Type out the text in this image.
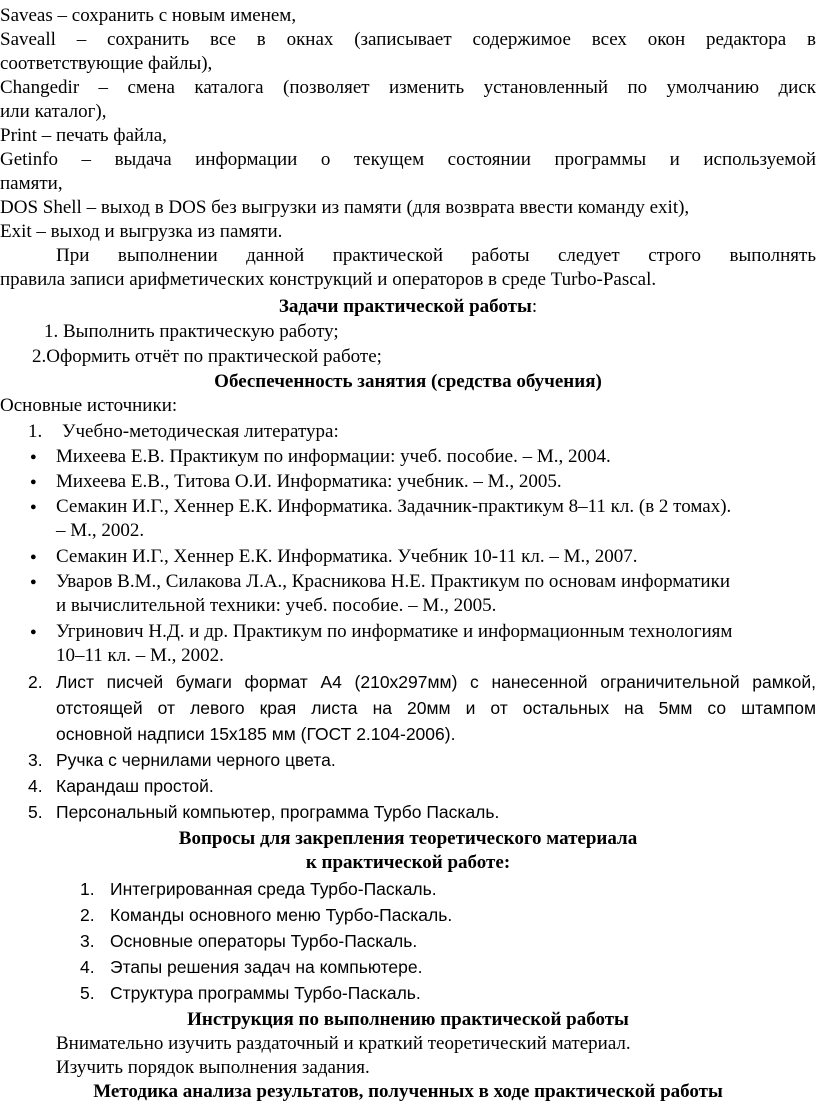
Saveas – сохранить с новым именем,
Saveall – сохранить все в окнах (записывает содержимое всех окон редактора в
соответствующие файлы),
Changedir – смена каталога (позволяет изменить установленный по умолчанию диск
или каталог),
Print – печать файла,
Getinfo – выдача информации о текущем состоянии программы и используемой
памяти,
DOS Shell – выход в DOS без выгрузки из памяти (для возврата ввести команду exit),
Exit – выход и выгрузка из памяти.
При выполнении данной практической работы следует строго выполнять
правила записи арифметических конструкций и операторов в среде Turbo-Pascal.
Задачи практической работы:
1. Выполнить практическую работу;
2.Оформить отчёт по практической работе;
Обеспеченность занятия (средства обучения)
Основные источники:
1. Учебно-методическая литература:
● Михеева Е.В. Практикум по информации: учеб. пособие. – М., 2004.
● Михеева Е.В., Титова О.И. Информатика: учебник. – М., 2005.
● Семакин И.Г., Хеннер Е.К. Информатика. Задачник-практикум 8–11 кл. (в 2 томах).
– М., 2002.
● Семакин И.Г., Хеннер Е.К. Информатика. Учебник 10-11 кл. – М., 2007.
● Уваров В.М., Силакова Л.А., Красникова Н.Е. Практикум по основам информатики
и вычислительной техники: учеб. пособие. – М., 2005.
● Угринович Н.Д. и др. Практикум по информатике и информационным технологиям
10–11 кл. – М., 2002.
2. Лист писчей бумаги формат А4 (210х297мм) с нанесенной ограничительной рамкой,
отстоящей от левого края листа на 20мм и от остальных на 5мм со штампом
основной надписи 15х185 мм (ГОСТ 2.104-2006).
3. Ручка с чернилами черного цвета.
4. Карандаш простой.
5. Персональный компьютер, программа Турбо Паскаль.
Вопросы для закрепления теоретического материала
к практической работе:
1. Интегрированная среда Турбо-Паскаль.
2. Команды основного меню Турбо-Паскаль.
3. Основные операторы Турбо-Паскаль.
4. Этапы решения задач на компьютере.
5. Структура программы Турбо-Паскаль.
Инструкция по выполнению практической работы
Внимательно изучить раздаточный и краткий теоретический материал.
Изучить порядок выполнения задания.
Методика анализа результатов, полученных в ходе практической работы
